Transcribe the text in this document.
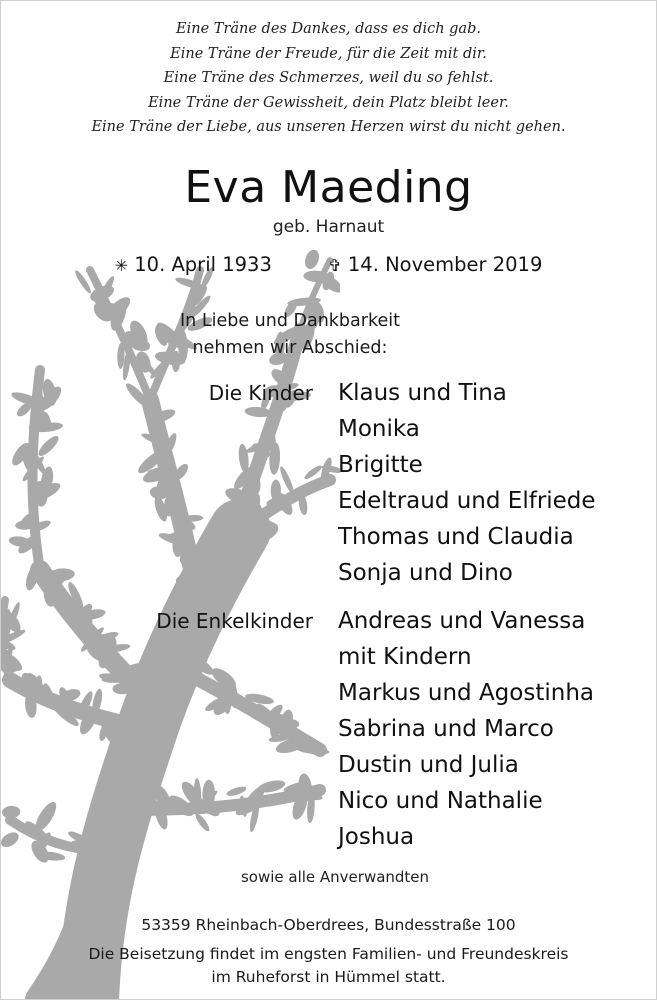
Eine Träne des Dankes, dass es dich gab.
Eine Träne der Freude, für die Zeit mit dir.
Eine Träne des Schmerzes, weil du so fehlst.
Eine Träne der Gewissheit, dein Platz bleibt leer.
Eine Träne der Liebe, aus unseren Herzen wirst du nicht gehen.
Eva Maeding
geb. Harnaut
✳ 10. April 1933	✞ 14. November 2019
In Liebe und Dankbarkeit
nehmen wir Abschied:
Die Kinder Klaus und Tina
Monika
Brigitte
Edeltraud und Elfriede
Thomas und Claudia
Sonja und Dino
Die Enkelkinder Andreas und Vanessa
mit Kindern
Markus und Agostinha
Sabrina und Marco
Dustin und Julia
Nico und Nathalie
Joshua
sowie alle Anverwandten
53359 Rheinbach-Oberdrees, Bundesstraße 100
Die Beisetzung findet im engsten Familien- und Freundeskreis
im Ruheforst in Hümmel statt.
